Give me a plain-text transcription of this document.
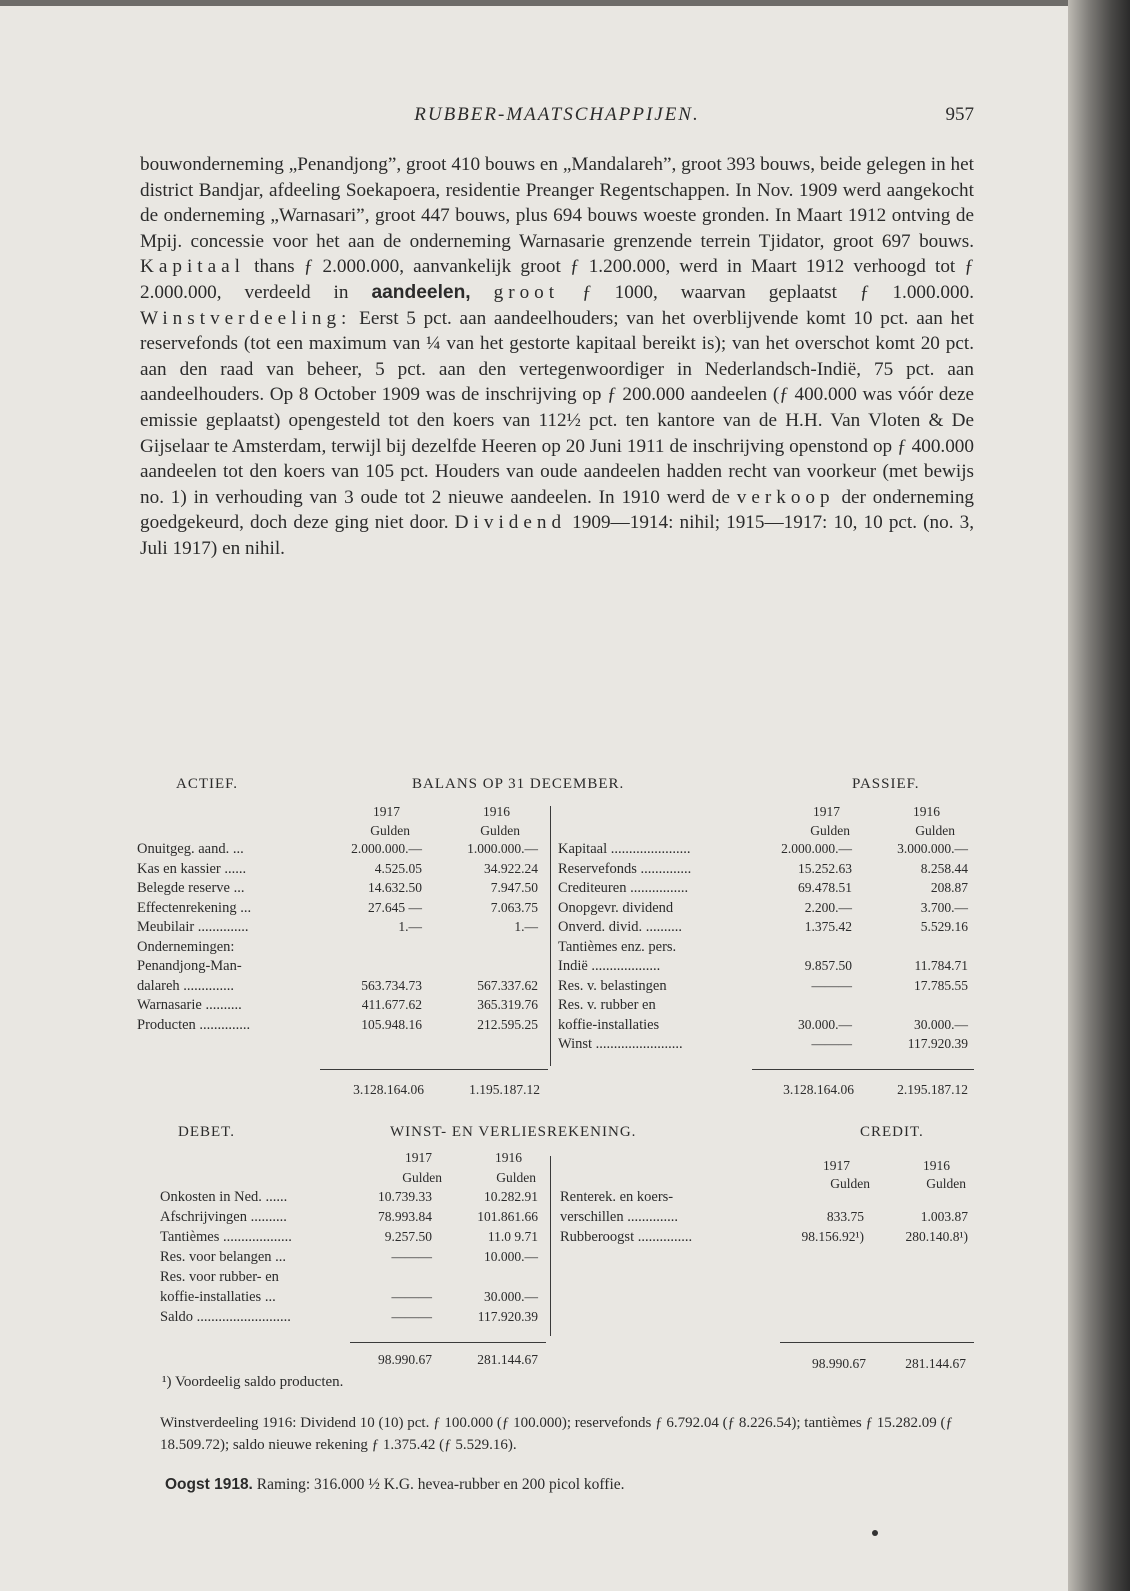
RUBBER-MAATSCHAPPIJEN.	957

bouwonderneming „Penandjong”, groot 410 bouws en „Mandalareh”, groot 393 bouws, beide gelegen in het district Bandjar, afdeeling Soekapoera, residentie Preanger Regentschappen. In Nov. 1909 werd aangekocht de onderneming „Warnasari”, groot 447 bouws, plus 694 bouws woeste gronden. In Maart 1912 ontving de Mpij. concessie voor het aan de onderneming Warnasarie grenzende terrein Tjidator, groot 697 bouws. Kapitaal thans ƒ 2.000.000, aanvankelijk groot ƒ 1.200.000, werd in Maart 1912 verhoogd tot ƒ 2.000.000, verdeeld in aandeelen, groot ƒ 1000, waarvan geplaatst ƒ 1.000.000. Winstverdeeling: Eerst 5 pct. aan aandeelhouders; van het overblijvende komt 10 pct. aan het reservefonds (tot een maximum van ¼ van het gestorte kapitaal bereikt is); van het overschot komt 20 pct. aan den raad van beheer, 5 pct. aan den vertegenwoordiger in Nederlandsch-Indië, 75 pct. aan aandeelhouders. Op 8 October 1909 was de inschrijving op ƒ 200.000 aandeelen (ƒ 400.000 was vóór deze emissie geplaatst) opengesteld tot den koers van 112½ pct. ten kantore van de H.H. Van Vloten & De Gijselaar te Amsterdam, terwijl bij dezelfde Heeren op 20 Juni 1911 de inschrijving openstond op ƒ 400.000 aandeelen tot den koers van 105 pct. Houders van oude aandeelen hadden recht van voorkeur (met bewijs no. 1) in verhouding van 3 oude tot 2 nieuwe aandeelen. In 1910 werd de verkoop der onderneming goedgekeurd, doch deze ging niet door. Dividend 1909—1914: nihil; 1915—1917: 10, 10 pct. (no. 3, Juli 1917) en nihil.

ACTIEF.	BALANS OP 31 DECEMBER.	PASSIEF.
1917	1916
Gulden	Gulden
1917	1916
Gulden	Gulden
Onuitgeg. aand. ...	2.000.000.—	1.000.000.—
Kas en kassier ......	4.525.05	34.922.24
Belegde reserve ...	14.632.50	7.947.50
Effectenrekening ...	27.645 —	7.063.75
Meubilair ..............	1.—	1.—
Ondernemingen:
Penandjong-Man-
dalareh ..............	563.734.73	567.337.62
Warnasarie ..........	411.677.62	365.319.76
Producten ..............	105.948.16	212.595.25
Kapitaal ......................	2.000.000.—	3.000.000.—
Reservefonds ..............	15.252.63	8.258.44
Crediteuren ................	69.478.51	208.87
Onopgevr. dividend	2.200.—	3.700.—
Onverd. divid. ..........	1.375.42	5.529.16
Tantièmes enz. pers.
Indië ...................	9.857.50	11.784.71
Res. v. belastingen	———	17.785.55
Res. v. rubber en
koffie-installaties	30.000.—	30.000.—
Winst ........................	———	117.920.39
3.128.164.06	1.195.187.12	3.128.164.06	2.195.187.12
DEBET.	WINST- EN VERLIESREKENING.	CREDIT.
1917	1916
Gulden	Gulden
1917	1916
Gulden	Gulden
Onkosten in Ned. ......	10.739.33	10.282.91
Afschrijvingen ..........	78.993.84	101.861.66
Tantièmes ...................	9.257.50	11.0 9.71
Res. voor belangen ...	———	10.000.—
Res. voor rubber- en
koffie-installaties ...	———	30.000.—
Saldo ..........................	———	117.920.39
Renterek. en koers-
verschillen ..............	833.75	1.003.87
Rubberoogst ...............	98.156.92¹)	280.140.8¹)
98.990.67	281.144.67	98.990.67	281.144.67
¹) Voordeelig saldo producten.
Winstverdeeling 1916: Dividend 10 (10) pct. ƒ 100.000 (ƒ 100.000); reservefonds ƒ 6.792.04 (ƒ 8.226.54); tantièmes ƒ 15.282.09 (ƒ 18.509.72); saldo nieuwe rekening ƒ 1.375.42 (ƒ 5.529.16).
Oogst 1918. Raming: 316.000 ½ K.G. hevea-rubber en 200 picol koffie.
